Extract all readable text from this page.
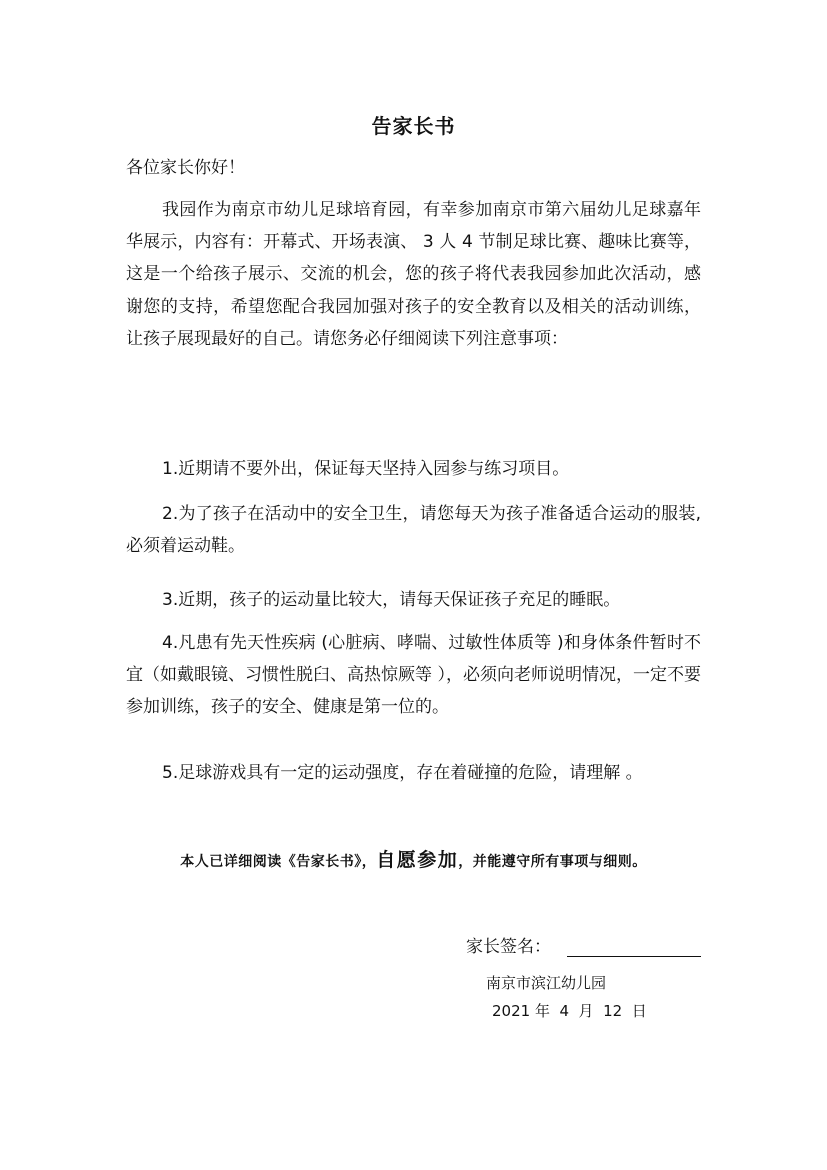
告家长书
各位家长你好！

我园作为南京市幼儿足球培育园，有幸参加南京市第六届幼儿足球嘉年华展示，内容有：开幕式、开场表演、 3 人 4 节制足球比赛、趣味比赛等，这是一个给孩子展示、交流的机会，您的孩子将代表我园参加此次活动，感谢您的支持，希望您配合我园加强对孩子的安全教育以及相关的活动训练，让孩子展现最好的自己。请您务必仔细阅读下列注意事项：

1.近期请不要外出，保证每天坚持入园参与练习项目。

2.为了孩子在活动中的安全卫生，请您每天为孩子准备适合运动的服装,必须着运动鞋。

3.近期，孩子的运动量比较大，请每天保证孩子充足的睡眠。

4.凡患有先天性疾病 (心脏病、哮喘、过敏性体质等 )和身体条件暂时不宜（如戴眼镜、习惯性脱臼、高热惊厥等 ），必须向老师说明情况，一定不要参加训练，孩子的安全、健康是第一位的。

5.足球游戏具有一定的运动强度，存在着碰撞的危险，请理解 。

本人已详细阅读《告家长书》，自愿参加，并能遵守所有事项与细则。
家长签名：
南京市滨江幼儿园
2021 年  4  月  12  日
